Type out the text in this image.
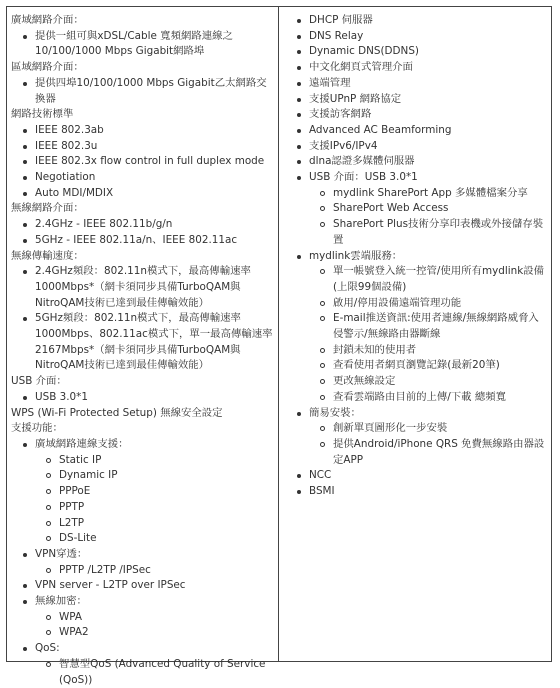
廣域網路介面：
提供一組可與xDSL/Cable 寬頻網路連線之
10/100/1000 Mbps Gigabit網路埠
區域網路介面：
提供四埠10/100/1000 Mbps Gigabit乙太網路交
換器
網路技術標準
IEEE 802.3ab
IEEE 802.3u
IEEE 802.3x flow control in full duplex mode
Negotiation
Auto MDI/MDIX
無線網路介面：
2.4GHz - IEEE 802.11b/g/n
5GHz - IEEE 802.11a/n、IEEE 802.11ac
無線傳輸速度：
2.4GHz頻段：802.11n模式下，最高傳輸速率
1000Mbps*（網卡須同步具備TurboQAM與
NitroQAM技術已達到最佳傳輸效能）
5GHz頻段：802.11n模式下，最高傳輸速率
1000Mbps、802.11ac模式下，單一最高傳輸速率
2167Mbps*（網卡須同步具備TurboQAM與
NitroQAM技術已達到最佳傳輸效能）
USB 介面：
USB 3.0*1
WPS (Wi-Fi Protected Setup) 無線安全設定
支援功能：
廣域網路連線支援：
Static IP
Dynamic IP
PPPoE
PPTP
L2TP
DS-Lite
VPN穿透：
PPTP /L2TP /IPSec
VPN server - L2TP over IPSec
無線加密：
WPA
WPA2
QoS:
智慧型QoS (Advanced Quality of Service
(QoS))
DHCP 伺服器
DNS Relay
Dynamic DNS(DDNS)
中文化網頁式管理介面
遠端管理
支援UPnP 網路協定
支援訪客網路
Advanced AC Beamforming
支援IPv6/IPv4
dlna認證多媒體伺服器
USB 介面：USB 3.0*1
mydlink SharePort App 多媒體檔案分享
SharePort Web Access
SharePort Plus技術分享印表機或外接儲存裝
置
mydlink雲端服務：
單一帳號登入統一控管/使用所有mydlink設備
(上限99個設備)
啟用/停用設備遠端管理功能
E-mail推送資訊:使用者連線/無線網路威脅入
侵警示/無線路由器斷線
封鎖未知的使用者
查看使用者網頁瀏覽記錄(最新20筆)
更改無線設定
查看雲端路由目前的上傳/下載 總頻寬
簡易安裝：
創新單頁圖形化一步安裝
提供Android/iPhone QRS 免費無線路由器設
定APP
NCC
BSMI
